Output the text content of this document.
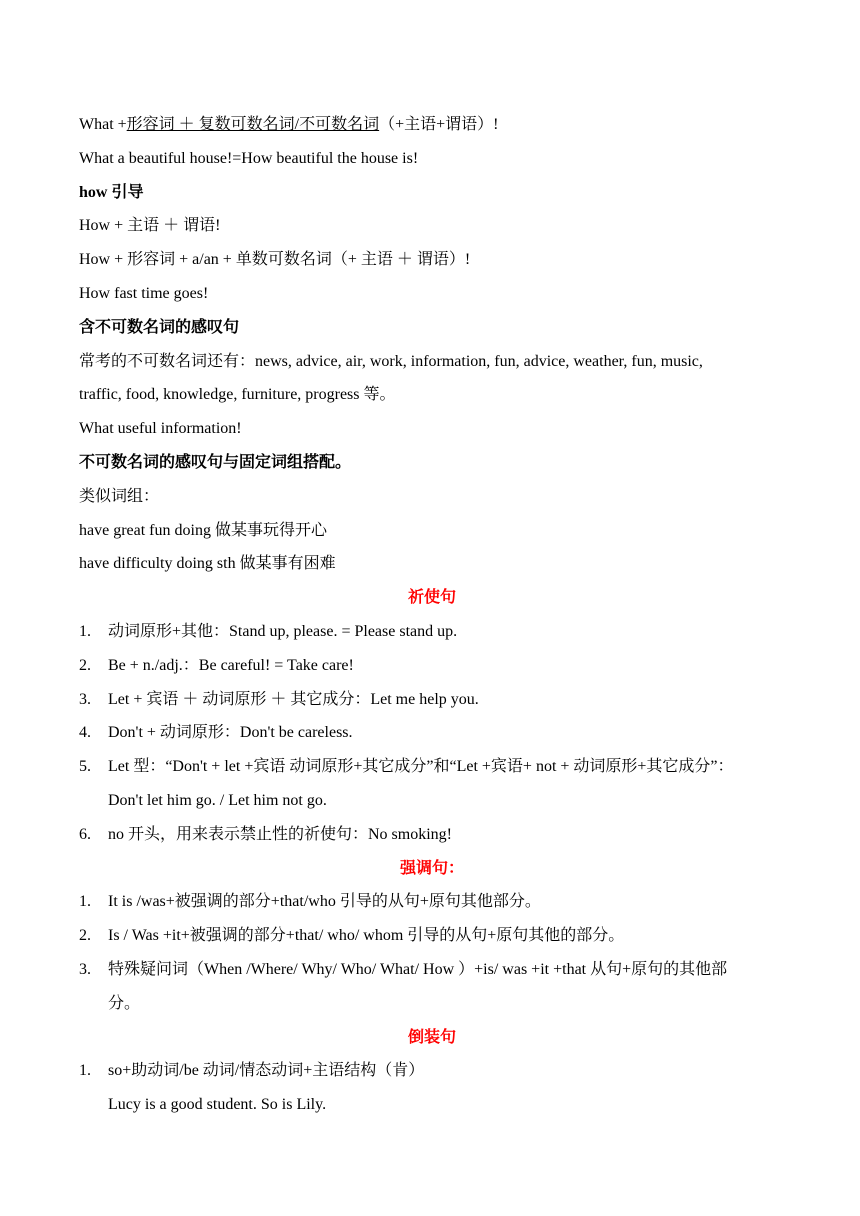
What +形容词 ＋ 复数可数名词/不可数名词（+主语+谓语）!
What a beautiful house!=How beautiful the house is!
how 引导
How + 主语 ＋ 谓语!
How + 形容词 + a/an + 单数可数名词（+ 主语 ＋ 谓语）!
How fast time goes!
含不可数名词的感叹句
常考的不可数名词还有：news, advice, air, work, information, fun, advice, weather, fun, music,
traffic, food, knowledge, furniture, progress 等。
What useful information!
不可数名词的感叹句与固定词组搭配。
类似词组：
have great fun doing 做某事玩得开心
have difficulty doing sth 做某事有困难
祈使句
1. 动词原形+其他：Stand up, please. = Please stand up.
2. Be + n./adj.：Be careful! = Take care!
3. Let + 宾语 ＋ 动词原形 ＋ 其它成分：Let me help you.
4. Don't + 动词原形：Don't be careless.
5. Let 型：“Don't + let +宾语 动词原形+其它成分”和“Let +宾语+ not + 动词原形+其它成分”：
Don't let him go. / Let him not go.
6. no 开头，用来表示禁止性的祈使句：No smoking!
强调句：
1. It is /was+被强调的部分+that/who 引导的从句+原句其他部分。
2. Is / Was +it+被强调的部分+that/ who/ whom 引导的从句+原句其他的部分。
3. 特殊疑问词（When /Where/ Why/ Who/ What/ How ）+is/ was +it +that 从句+原句的其他部
分。
倒装句
1. so+助动词/be 动词/情态动词+主语结构（肯）
Lucy is a good student. So is Lily.
